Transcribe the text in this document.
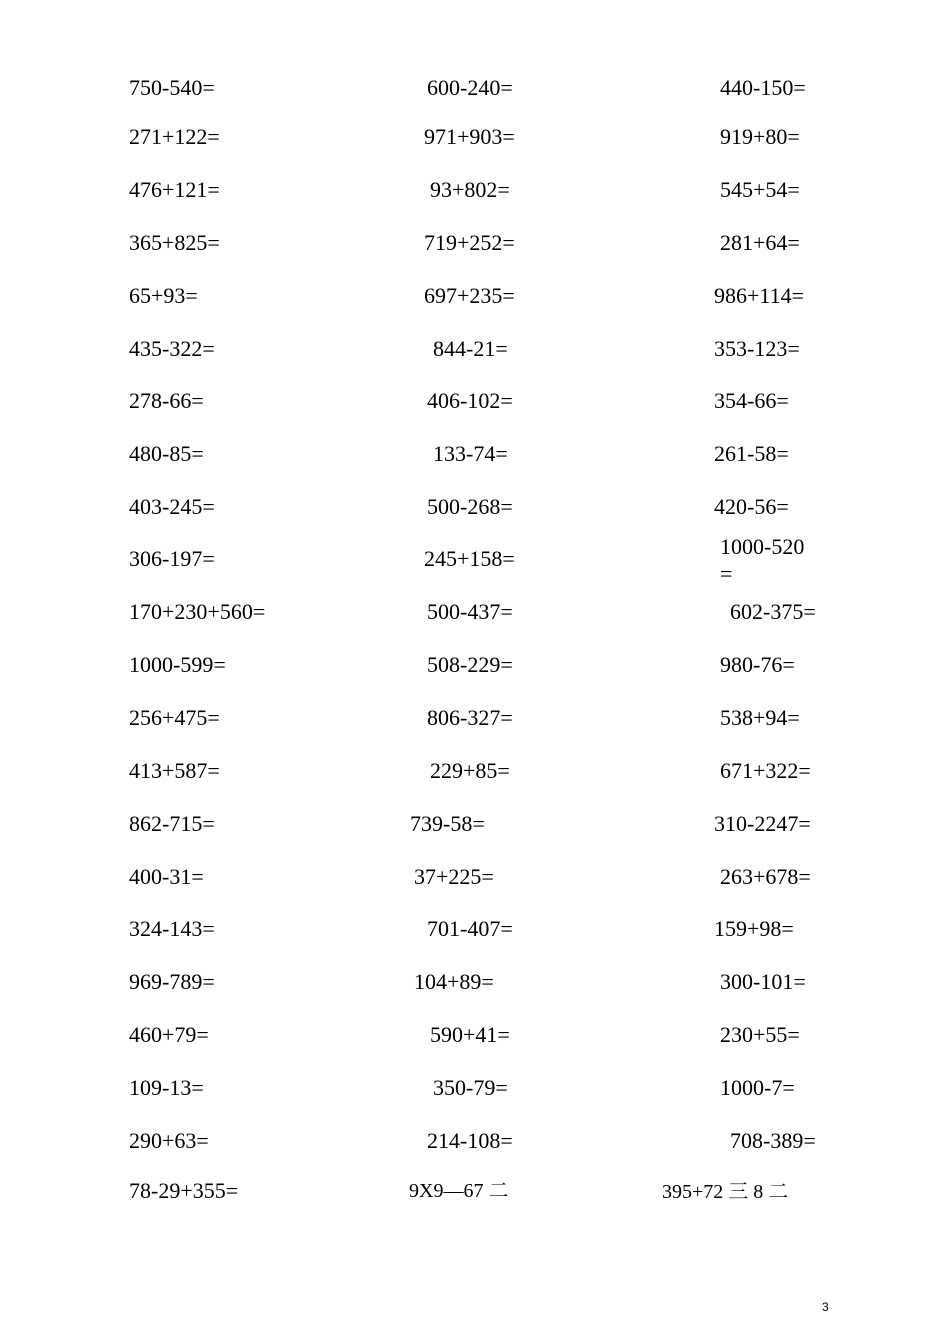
750-540=	600-240=	440-150=
271+122=	971+903=	919+80=
476+121=	93+802=	545+54=
365+825=	719+252=	281+64=
65+93=	697+235=	986+114=
435-322=	844-21=	353-123=
278-66=	406-102=	354-66=
480-85=	133-74=	261-58=
403-245=	500-268=	420-56=
306-197=	245+158=	1000-520=
170+230+560=	500-437=	602-375=
1000-599=	508-229=	980-76=
256+475=	806-327=	538+94=
413+587=	229+85=	671+322=
862-715=	739-58=	310-2247=
400-31=	37+225=	263+678=
324-143=	701-407=	159+98=
969-789=	104+89=	300-101=
460+79=	590+41=	230+55=
109-13=	350-79=	1000-7=
290+63=	214-108=	708-389=
78-29+355=	9X9—67 二	395+72 三 8 二
3
